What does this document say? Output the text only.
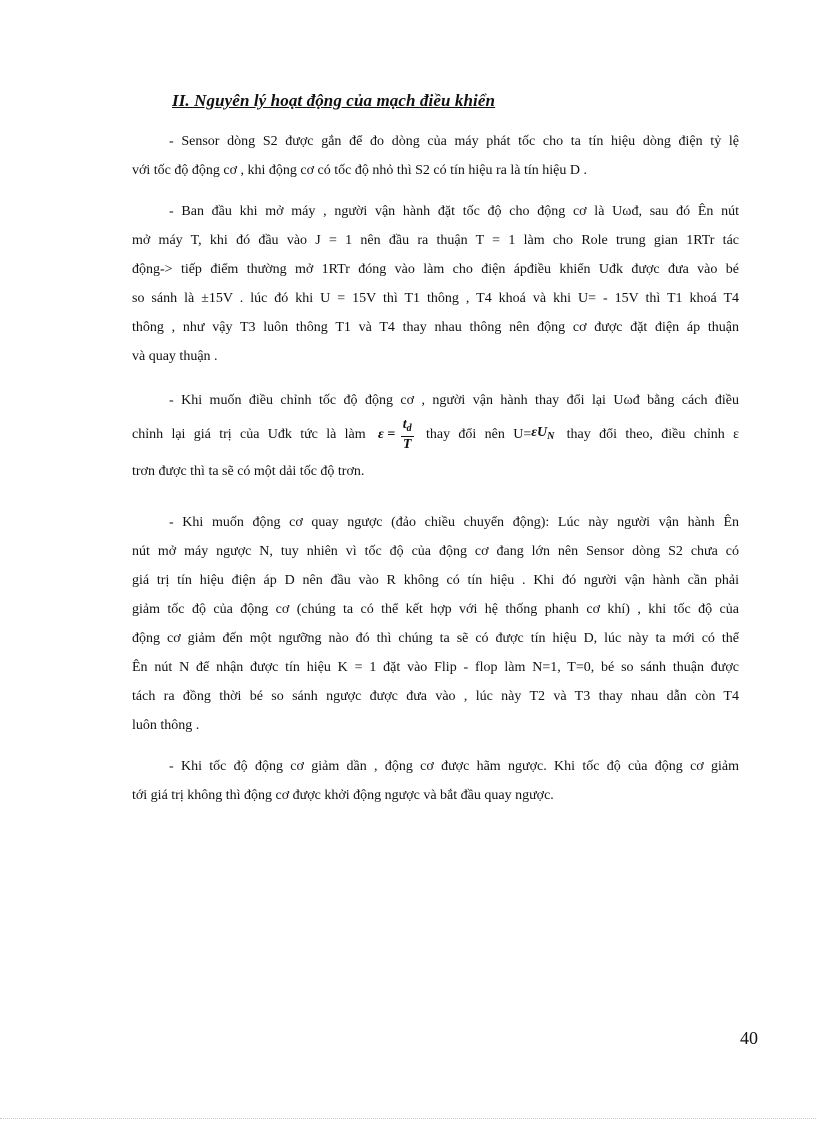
II. Nguyên lý hoạt động của mạch điều khiển
- Sensor dòng S2 được gắn để đo dòng của máy phát tốc cho ta tín hiệu dòng điện tỷ lệ
với tốc độ động cơ , khi động cơ có tốc độ nhỏ thì S2 có tín hiệu ra là tín hiệu D .
- Ban đầu khi mở máy , người vận hành đặt tốc độ cho động cơ là Uωđ, sau đó Ên nút
mở máy T, khi đó đầu vào J = 1 nên đầu ra thuận T = 1 làm cho Role trung gian 1RTr tác
động-> tiếp điểm thường mở 1RTr đóng vào làm cho điện ápđiều khiển Uđk được đưa vào bé
so sánh là ±15V . lúc đó khi U = 15V thì T1 thông , T4 khoá và khi U= - 15V thì T1 khoá T4
thông , như vậy T3 luôn thông T1 và T4 thay nhau thông nên động cơ được đặt điện áp thuận
và quay thuận .
- Khi muốn điều chỉnh tốc độ động cơ , người vận hành thay đổi lại Uωđ bằng cách điều
chỉnh lại giá trị của Uđk tức là làm $\varepsilon = \frac{t_d}{T}$ thay đổi nên $U=\varepsilon U_N$ thay đổi theo, điều chỉnh ε
trơn được thì ta sẽ có một dải tốc độ trơn.
- Khi muốn động cơ quay ngược (đảo chiều chuyển động): Lúc này người vận hành Ên
nút mở máy ngược N, tuy nhiên vì tốc độ của động cơ đang lớn nên Sensor dòng S2 chưa có
giá trị tín hiệu điện áp D nên đầu vào R không có tín hiệu . Khi đó người vận hành cần phải
giảm tốc độ của động cơ (chúng ta có thể kết hợp với hệ thống phanh cơ khí) , khi tốc độ của
động cơ giảm đến một ngưỡng nào đó thì chúng ta sẽ có được tín hiệu D, lúc này ta mới có thể
Ên nút N để nhận được tín hiệu K = 1 đặt vào Flip - flop làm N=1, T=0, bé so sánh thuận được
tách ra đồng thời bé so sánh ngược được đưa vào , lúc này T2 và T3 thay nhau dẫn còn T4
luôn thông .
- Khi tốc độ động cơ giảm dần , động cơ được hãm ngược. Khi tốc độ của động cơ giảm
tới giá trị không thì động cơ được khởi động ngược và bắt đầu quay ngược.
40
